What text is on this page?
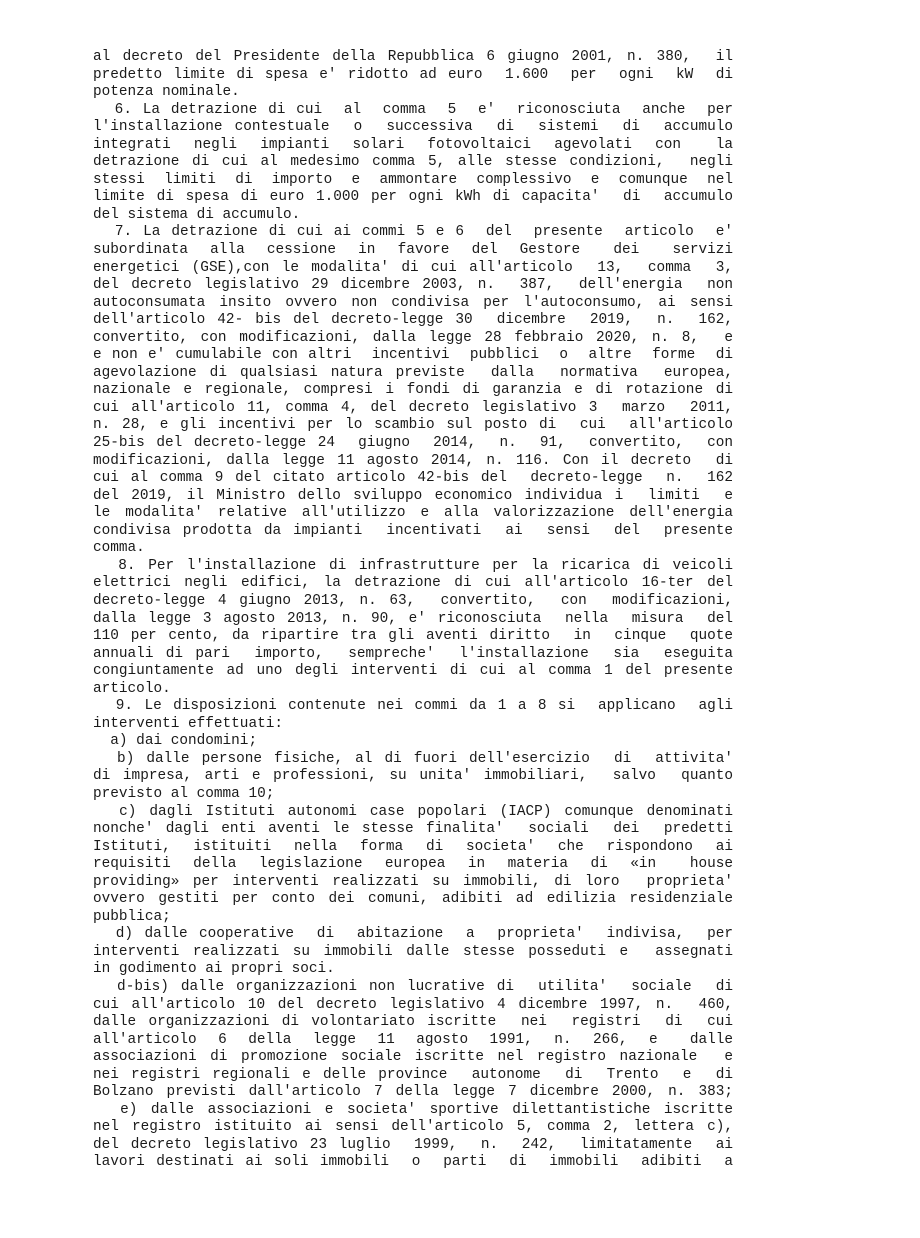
al decreto del Presidente della Repubblica 6 giugno 2001, n. 380,  il
predetto limite di spesa e' ridotto ad euro  1.600  per  ogni  kW  di
potenza nominale.
6. La detrazione di cui  al  comma  5  e'  riconosciuta  anche  per
l'installazione contestuale  o  successiva  di  sistemi  di  accumulo
integrati  negli  impianti  solari  fotovoltaici  agevolati  con   la
detrazione di cui al medesimo comma 5, alle stesse condizioni,  negli
stessi  limiti  di  importo  e  ammontare  complessivo  e  comunque  nel
limite di spesa di euro 1.000 per ogni kWh di capacita'  di  accumulo
del sistema di accumulo.
7. La detrazione di cui ai commi 5 e 6  del  presente  articolo  e'
subordinata  alla  cessione  in  favore  del  Gestore   dei   servizi
energetici (GSE),con le modalita' di cui all'articolo  13,  comma  3,
del decreto legislativo 29 dicembre 2003, n.  387,  dell'energia  non
autoconsumata insito ovvero non condivisa per l'autoconsumo, ai sensi
dell'articolo 42- bis del decreto-legge 30  dicembre  2019,  n.  162,
convertito, con modificazioni, dalla legge 28 febbraio 2020, n. 8,  e
e non e' cumulabile con altri  incentivi  pubblici  o  altre  forme  di
agevolazione di qualsiasi natura previste  dalla  normativa  europea,
nazionale e regionale, compresi i fondi di garanzia e di rotazione di
cui all'articolo 11, comma 4, del decreto legislativo 3  marzo  2011,
n. 28, e gli incentivi per lo scambio sul posto di  cui  all'articolo
25-bis del decreto-legge 24  giugno  2014,  n.  91,  convertito,  con
modificazioni, dalla legge 11 agosto 2014, n. 116. Con il decreto  di
cui al comma 9 del citato articolo 42-bis del  decreto-legge  n.  162
del 2019, il Ministro dello sviluppo economico individua i  limiti  e
le modalita' relative all'utilizzo e alla valorizzazione dell'energia
condivisa prodotta da impianti  incentivati  ai  sensi  del  presente
comma.
8. Per l'installazione di infrastrutture per la ricarica di veicoli
elettrici negli edifici, la detrazione di cui all'articolo 16-ter del
decreto-legge 4 giugno 2013, n. 63,  convertito,  con  modificazioni,
dalla legge 3 agosto 2013, n. 90, e' riconosciuta  nella  misura  del
110 per cento, da ripartire tra gli aventi diritto  in  cinque  quote
annuali di pari  importo,  sempreche'  l'installazione  sia  eseguita
congiuntamente ad uno degli interventi di cui al comma 1 del presente
articolo.
9. Le disposizioni contenute nei commi da 1 a 8 si  applicano  agli
interventi effettuati:
a) dai condomini;
b) dalle persone fisiche, al di fuori dell'esercizio  di  attivita'
di impresa, arti e professioni, su unita' immobiliari,  salvo  quanto
previsto al comma 10;
c) dagli Istituti autonomi case popolari (IACP) comunque denominati
nonche' dagli enti aventi le stesse finalita'  sociali  dei  predetti
Istituti,  istituiti  nella  forma  di  societa'  che  rispondono  ai
requisiti  della  legislazione  europea  in  materia  di  «in   house
providing» per interventi realizzati su immobili, di loro  proprieta'
ovvero gestiti per conto dei comuni, adibiti ad edilizia residenziale
pubblica;
d) dalle cooperative  di  abitazione  a  proprieta'  indivisa,  per
interventi realizzati su immobili dalle stesse posseduti e  assegnati
in godimento ai propri soci.
d-bis) dalle organizzazioni non lucrative di  utilita'  sociale  di
cui all'articolo 10 del decreto legislativo 4 dicembre 1997, n.  460,
dalle organizzazioni di volontariato iscritte  nei  registri  di  cui
all'articolo  6  della  legge  11  agosto  1991,  n.  266,  e   dalle
associazioni di promozione sociale iscritte nel registro nazionale  e
nei registri regionali e delle province  autonome  di  Trento  e  di
Bolzano previsti dall'articolo 7 della legge 7 dicembre 2000, n. 383;
e) dalle associazioni e societa' sportive dilettantistiche iscritte
nel registro istituito ai sensi dell'articolo 5, comma 2, lettera c),
del decreto legislativo 23 luglio  1999,  n.  242,  limitatamente  ai
lavori destinati ai soli immobili  o  parti  di  immobili  adibiti  a
